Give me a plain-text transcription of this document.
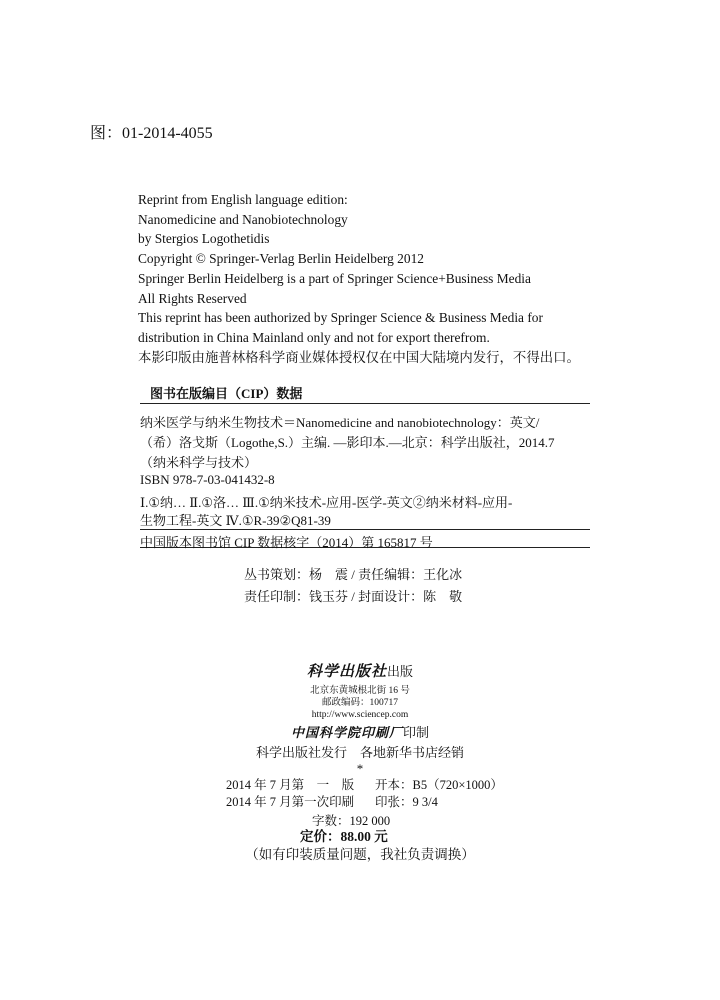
图：01-2014-4055
Reprint from English language edition:
Nanomedicine and Nanobiotechnology
by Stergios Logothetidis
Copyright © Springer-Verlag Berlin Heidelberg 2012
Springer Berlin Heidelberg is a part of Springer Science+Business Media
All Rights Reserved
This reprint has been authorized by Springer Science & Business Media for
distribution in China Mainland only and not for export therefrom.
本影印版由施普林格科学商业媒体授权仅在中国大陆境内发行，不得出口。
图书在版编目（CIP）数据
纳米医学与纳米生物技术＝Nanomedicine and nanobiotechnology：英文/
（希）洛戈斯（Logothe,S.）主编. —影印本.—北京：科学出版社，2014.7
（纳米科学与技术）
ISBN 978-7-03-041432-8
Ⅰ.①纳… Ⅱ.①洛… Ⅲ.①纳米技术-应用-医学-英文②纳米材料-应用-
生物工程-英文 Ⅳ.①R-39②Q81-39
中国版本图书馆 CIP 数据核字（2014）第 165817 号
丛书策划：杨　震 / 责任编辑：王化冰
责任印制：钱玉芬 / 封面设计：陈　敬
科学出版社出版
北京东黄城根北街 16 号
邮政编码：100717
http://www.sciencep.com
中国科学院印刷厂印制
科学出版社发行　各地新华书店经销
*
2014 年 7 月第　一　版 开本：B5（720×1000）
2014 年 7 月第一次印刷 印张：9 3/4
字数：192 000
定价：88.00 元
（如有印装质量问题，我社负责调换）
